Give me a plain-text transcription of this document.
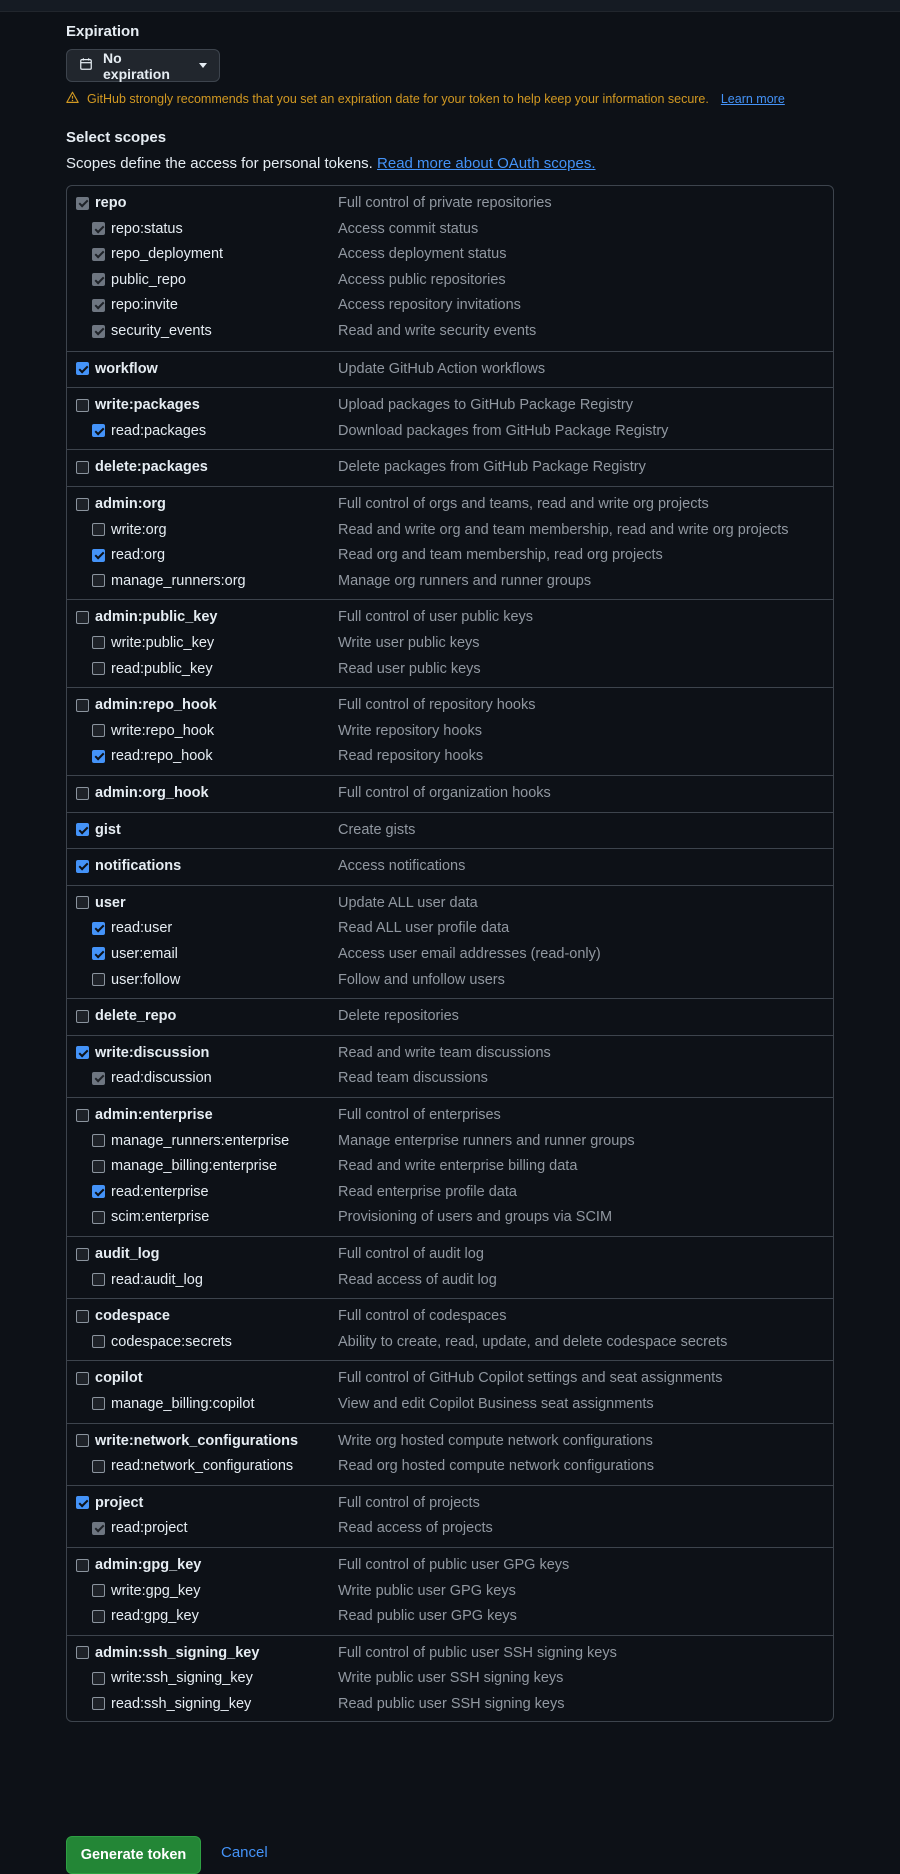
Expiration
No expiration
GitHub strongly recommends that you set an expiration date for your token to help keep your information secure. Learn more
Select scopes
Scopes define the access for personal tokens. Read more about OAuth scopes.
repo	Full control of private repositories
repo:status	Access commit status
repo_deployment	Access deployment status
public_repo	Access public repositories
repo:invite	Access repository invitations
security_events	Read and write security events
workflow	Update GitHub Action workflows
write:packages	Upload packages to GitHub Package Registry
read:packages	Download packages from GitHub Package Registry
delete:packages	Delete packages from GitHub Package Registry
admin:org	Full control of orgs and teams, read and write org projects
write:org	Read and write org and team membership, read and write org projects
read:org	Read org and team membership, read org projects
manage_runners:org	Manage org runners and runner groups
admin:public_key	Full control of user public keys
write:public_key	Write user public keys
read:public_key	Read user public keys
admin:repo_hook	Full control of repository hooks
write:repo_hook	Write repository hooks
read:repo_hook	Read repository hooks
admin:org_hook	Full control of organization hooks
gist	Create gists
notifications	Access notifications
user	Update ALL user data
read:user	Read ALL user profile data
user:email	Access user email addresses (read-only)
user:follow	Follow and unfollow users
delete_repo	Delete repositories
write:discussion	Read and write team discussions
read:discussion	Read team discussions
admin:enterprise	Full control of enterprises
manage_runners:enterprise	Manage enterprise runners and runner groups
manage_billing:enterprise	Read and write enterprise billing data
read:enterprise	Read enterprise profile data
scim:enterprise	Provisioning of users and groups via SCIM
audit_log	Full control of audit log
read:audit_log	Read access of audit log
codespace	Full control of codespaces
codespace:secrets	Ability to create, read, update, and delete codespace secrets
copilot	Full control of GitHub Copilot settings and seat assignments
manage_billing:copilot	View and edit Copilot Business seat assignments
write:network_configurations	Write org hosted compute network configurations
read:network_configurations	Read org hosted compute network configurations
project	Full control of projects
read:project	Read access of projects
admin:gpg_key	Full control of public user GPG keys
write:gpg_key	Write public user GPG keys
read:gpg_key	Read public user GPG keys
admin:ssh_signing_key	Full control of public user SSH signing keys
write:ssh_signing_key	Write public user SSH signing keys
read:ssh_signing_key	Read public user SSH signing keys
Generate token	Cancel
